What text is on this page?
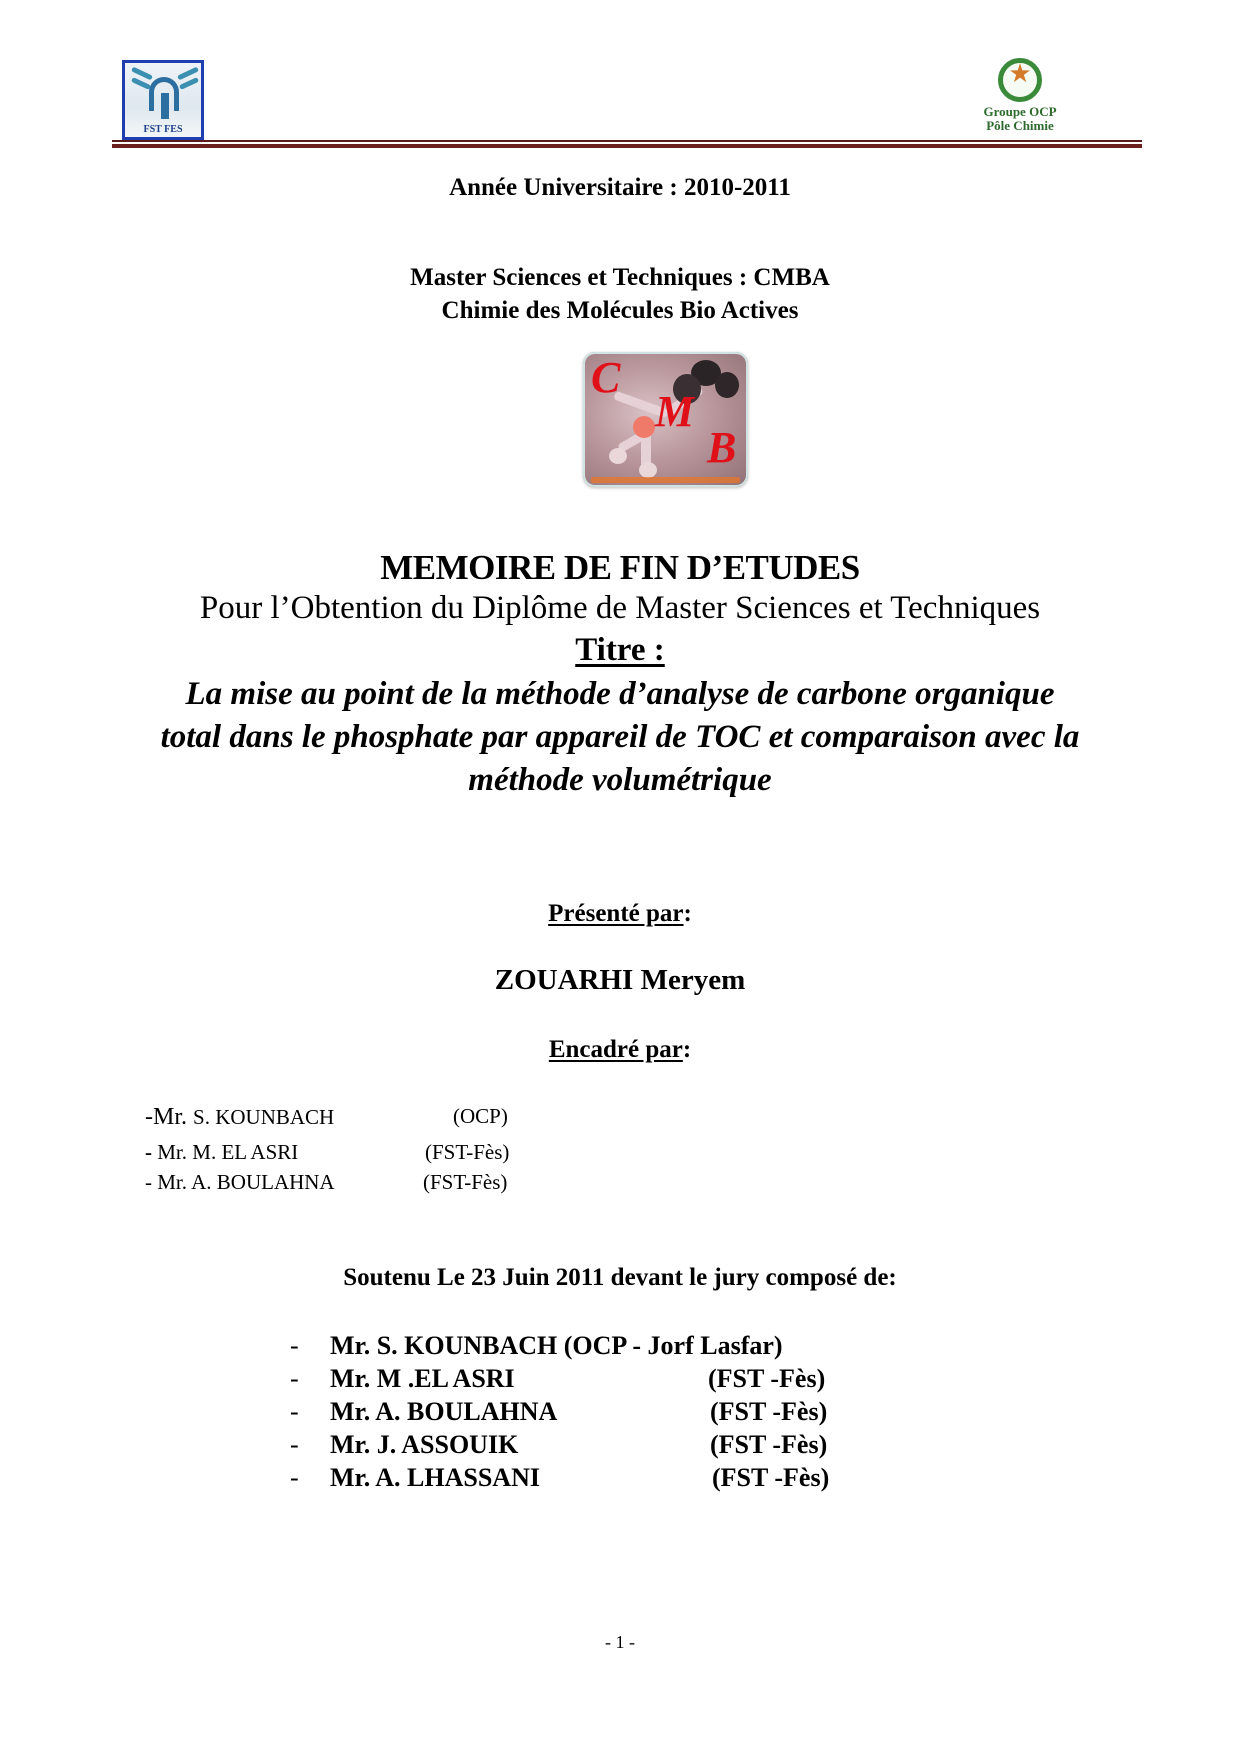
FST FES
★
Groupe OCP
Pôle Chimie
Année Universitaire : 2010-2011
Master Sciences et Techniques : CMBA
Chimie des Molécules Bio Actives
C
M
B
MEMOIRE DE FIN D’ETUDES
Pour l’Obtention du Diplôme de Master Sciences et Techniques
Titre :
La mise au point de la méthode d’analyse de carbone organique
total dans le phosphate par appareil de TOC et comparaison avec la
méthode volumétrique
Présenté par:
ZOUARHI Meryem
Encadré par:
-Mr. S. KOUNBACH	(OCP)
- Mr. M. EL ASRI	(FST-Fès)
- Mr. A. BOULAHNA	(FST-Fès)
Soutenu Le 23 Juin 2011 devant le jury composé de:
- Mr. S. KOUNBACH (OCP - Jorf Lasfar)
- Mr. M .EL ASRI	(FST -Fès)
- Mr. A. BOULAHNA	(FST -Fès)
- Mr. J. ASSOUIK	(FST -Fès)
- Mr. A. LHASSANI	(FST -Fès)
- 1 -
